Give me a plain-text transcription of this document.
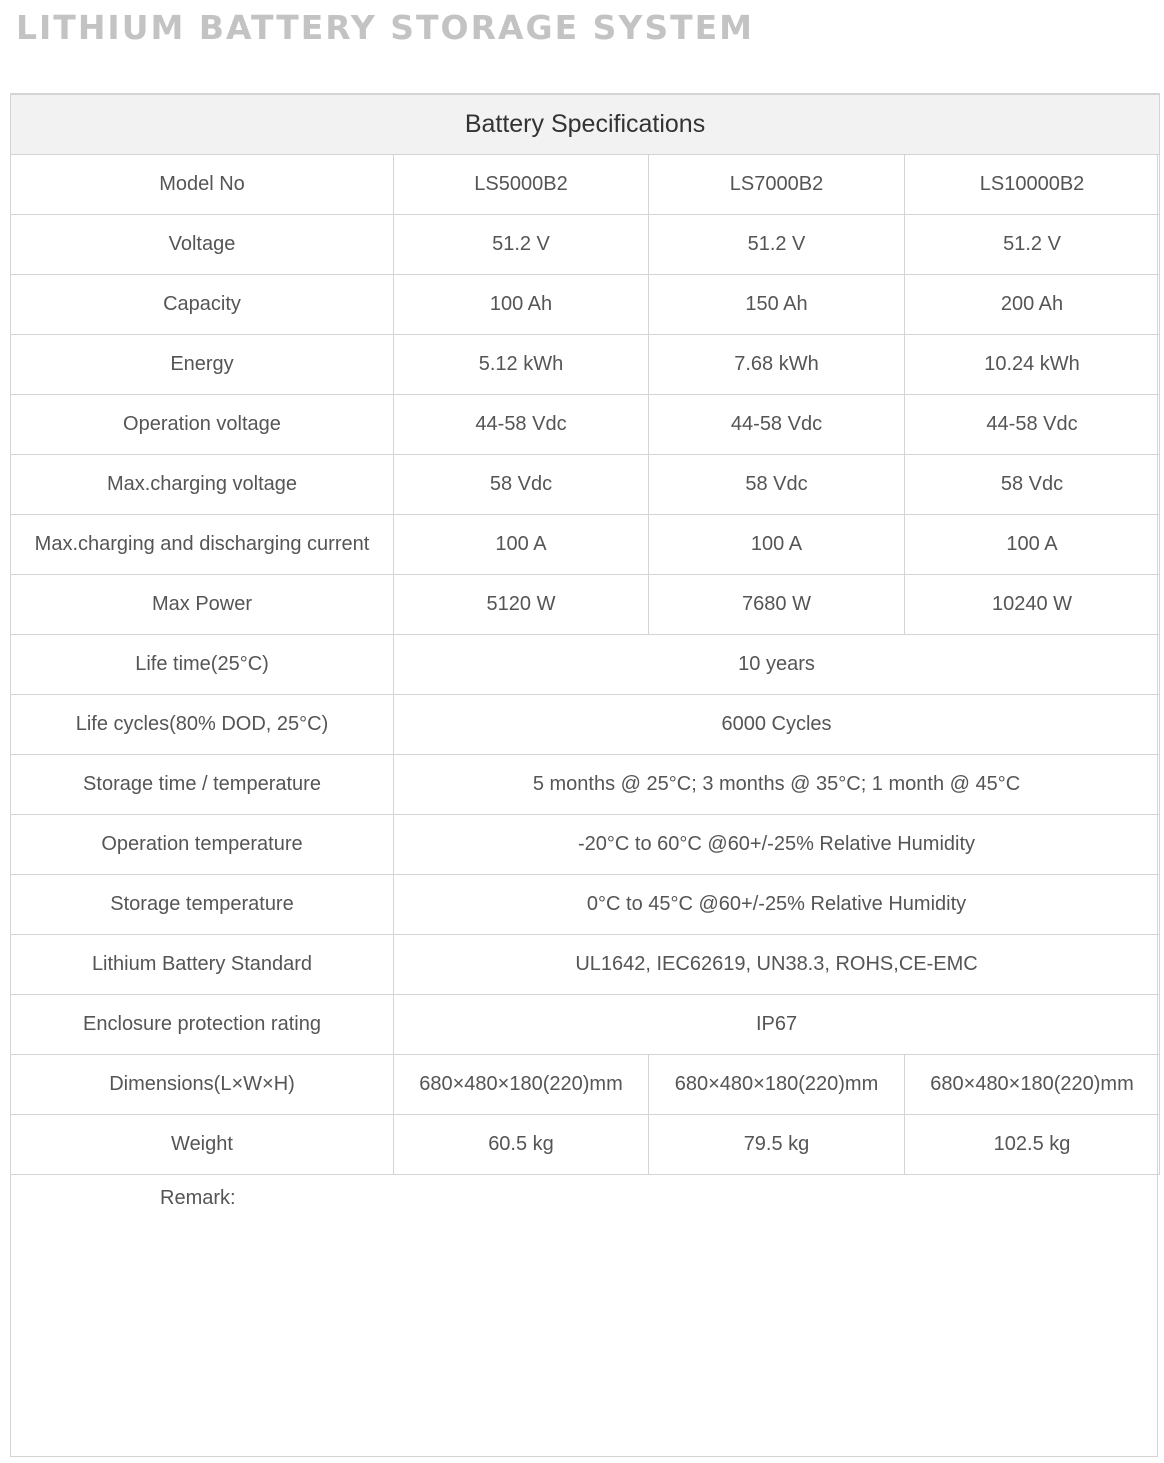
LITHIUM BATTERY STORAGE SYSTEM
Battery Specifications			
Model No	LS5000B2	LS7000B2	LS10000B2
Voltage	51.2 V	51.2 V	51.2 V
Capacity	100 Ah	150 Ah	200 Ah
Energy	5.12 kWh	7.68 kWh	10.24 kWh
Operation voltage	44-58 Vdc	44-58 Vdc	44-58 Vdc
Max.charging voltage	58 Vdc	58 Vdc	58 Vdc
Max.charging and discharging current	100 A	100 A	100 A
Max Power	5120 W	7680 W	10240 W
Life time(25°C)	10 years		
Life cycles(80% DOD, 25°C)	6000 Cycles		
Storage time / temperature	5 months @ 25°C; 3 months @ 35°C; 1 month @ 45°C		
Operation temperature	-20°C to 60°C @60+/-25% Relative Humidity		
Storage temperature	0°C to 45°C @60+/-25% Relative Humidity		
Lithium Battery Standard	UL1642, IEC62619, UN38.3, ROHS,CE-EMC		
Enclosure protection rating	IP67		
Dimensions(L×W×H)	680×480×180(220)mm	680×480×180(220)mm	680×480×180(220)mm
Weight	60.5 kg	79.5 kg	102.5 kg
Remark:
